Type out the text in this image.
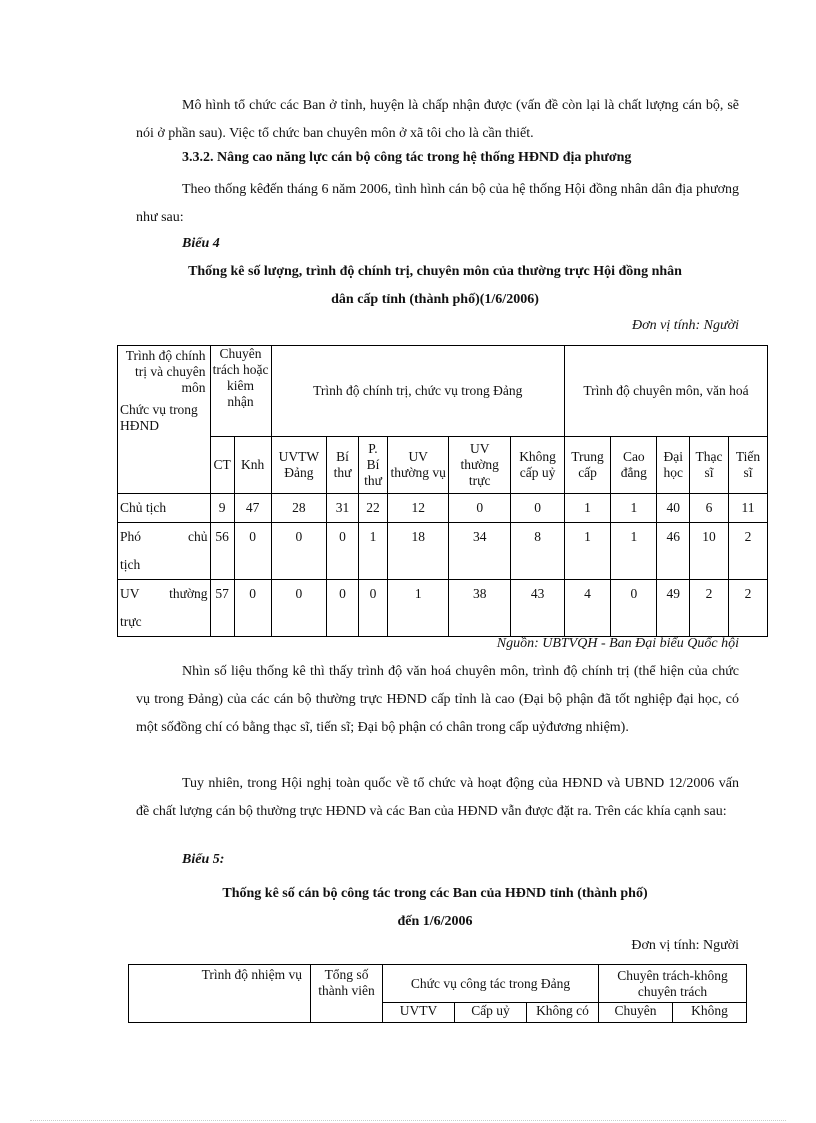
Mô hình tổ chức các Ban ở tỉnh, huyện là chấp nhận được (vấn đề còn lại là chất lượng cán bộ, sẽ nói ở phần sau). Việc tổ chức ban chuyên môn ở xã tôi cho là cần thiết.

3.3.2. Nâng cao năng lực cán bộ công tác trong hệ thống HĐND địa phương

Theo thống kêđến tháng 6 năm 2006, tình hình cán bộ của hệ thống Hội đồng nhân dân địa phương như sau:

Biểu 4

Thống kê số lượng, trình độ chính trị, chuyên môn của thường trực Hội đồng nhân

dân cấp tỉnh (thành phố)(1/6/2006)

Đơn vị tính: Người

Trình độ chính trị và chuyên môn
Chức vụ trong HĐND	Chuyên trách hoặc kiêm nhận		Trình độ chính trị, chức vụ trong Đảng						Trình độ chuyên môn, văn hoá				
	CT	Knh	UVTW Đảng	Bí thư	P. Bí thư	UV thường vụ	UV thường trực	Không cấp uỷ	Trung cấp	Cao đẳng	Đại học	Thạc sĩ	Tiến sĩ
Chủ tịch	9	47	28	31	22	12	0	0	1	1	40	6	11

Phó chủ
tịch	56	0	0	0	1	18	34	8	1	1	46	10	2

UV thường
trực	57	0	0	0	0	1	38	43	4	0	49	2	2

Nguồn: UBTVQH - Ban Đại biểu Quốc hội

Nhìn số liệu thống kê thì thấy trình độ văn hoá chuyên môn, trình độ chính trị (thể hiện của chức vụ trong Đảng) của các cán bộ thường trực HĐND cấp tỉnh là cao (Đại bộ phận đã tốt nghiệp đại học, có một sốđồng chí có bằng thạc sĩ, tiến sĩ; Đại bộ phận có chân trong cấp uỷđương nhiệm).

Tuy nhiên, trong Hội nghị toàn quốc về tổ chức và hoạt động của HĐND và UBND 12/2006 vấn đề chất lượng cán bộ thường trực HĐND và các Ban của HĐND vẫn được đặt ra. Trên các khía cạnh sau:

Biểu 5:

Thống kê số cán bộ công tác trong các Ban của HĐND tỉnh (thành phố)

đến 1/6/2006

Đơn vị tính: Người

Trình độ nhiệm vụ	Tổng số thành viên	Chức vụ công tác trong Đảng			Chuyên trách-không chuyên trách	
		UVTV	Cấp uỷ	Không có	Chuyên	Không
